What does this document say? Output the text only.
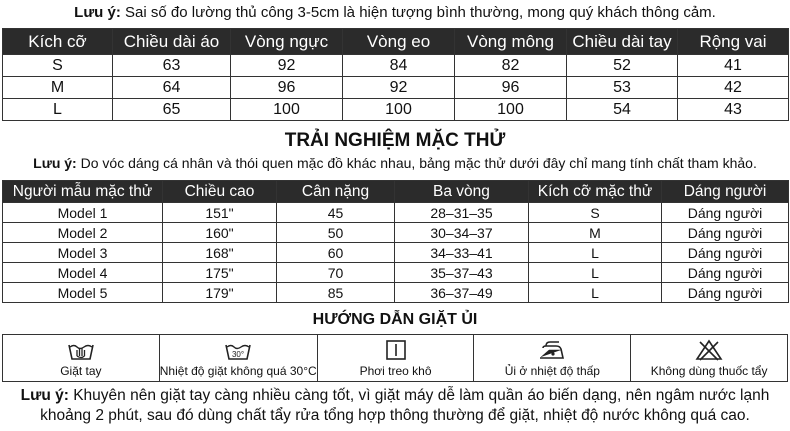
Lưu ý: Sai số đo lường thủ công 3-5cm là hiện tượng bình thường, mong quý khách thông cảm.
Kích cỡ	Chiều dài áo	Vòng ngực	Vòng eo	Vòng mông	Chiều dài tay	Rộng vai
S	63	92	84	82	52	41
M	64	96	92	96	53	42
L	65	100	100	100	54	43
TRẢI NGHIỆM MẶC THỬ
Lưu ý: Do vóc dáng cá nhân và thói quen mặc đồ khác nhau, bảng mặc thử dưới đây chỉ mang tính chất tham khảo.
Người mẫu mặc thử	Chiều cao	Cân nặng	Ba vòng	Kích cỡ mặc thử	Dáng người
Model 1	151"	45	28–31–35	S	Dáng người
Model 2	160"	50	30–34–37	M	Dáng người
Model 3	168"	60	34–33–41	L	Dáng người
Model 4	175"	70	35–37–43	L	Dáng người
Model 5	179"	85	36–37–49	L	Dáng người
HƯỚNG DẪN GIẶT ỦI
Giặt tay
30°
Nhiệt độ giặt không quá 30°C	Phơi treo khô	Ủi ở nhiệt độ thấp	Không dùng thuốc tẩy
Lưu ý: Khuyên nên giặt tay càng nhiều càng tốt, vì giặt máy dễ làm quần áo biến dạng, nên ngâm nước lạnh
khoảng 2 phút, sau đó dùng chất tẩy rửa tổng hợp thông thường để giặt, nhiệt độ nước không quá cao.
